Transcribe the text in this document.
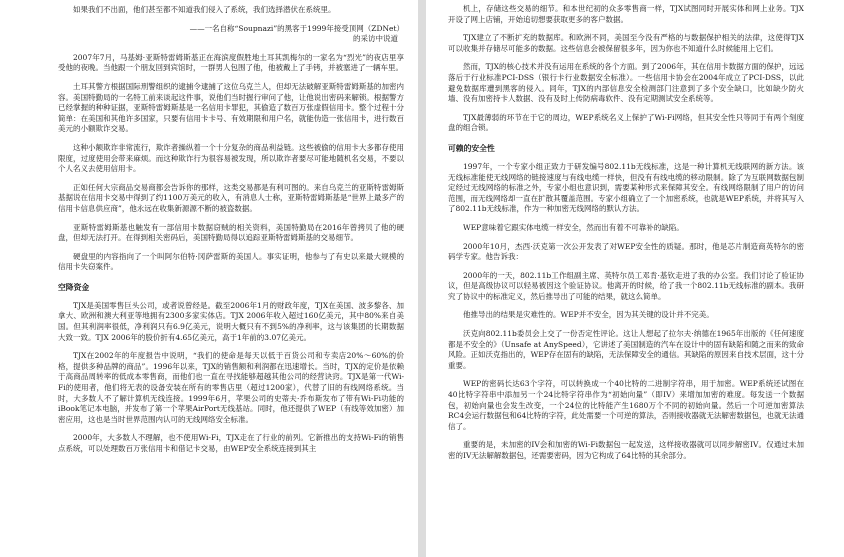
如果我们不出面，他们甚至都不知道我们侵入了系统，我们选择潜伏在系统里。

——一名自称“Soupnazi”的黑客于1999年接受顶网（ZDNet）

的采访中说道

2007年7月，马基姆·亚斯特雷姆斯基正在海滨度假胜地土耳其凯梅尔的一家名为“烈光”的夜店里享受他的夜晚。当他跟一个朋友回到宾馆时，一群男人包围了他，他被戴上了手铐，并被塞进了一辆车里。

土耳其警方根据国际刑警组织的逮捕令逮捕了这位乌克兰人，但却无法破解亚斯特雷姆斯基的加密内容。美国特勤局的一名特工前来谈起这件事，说他们当时握行审问了他，让他说出密码来解锁。根据警方已经掌握的种种证据，亚斯特雷姆斯基是一名信用卡罪犯，其偷造了数百万张虚假信用卡。整个过程十分简单：在美国和其他许多国家，只要有信用卡卡号、有效期限和用户名，就能伪造一张信用卡，进行数百美元的小额欺诈交易。

这种小额欺诈非常流行，欺诈者操纵着一个十分复杂的商品利益链。这些被偷的信用卡大多都存使用限度，过度使用会带来麻烦。而这种欺诈行为很容易被发现，所以欺诈者要尽可能地随机名交易，不要以个人名义去使用信用卡。

正如任何大宗商品交易商都会告诉你的那样，这类交易都是有利可图的。来自乌克兰的亚斯特雷姆斯基据说在信用卡交易中得到了约1100万美元的收入，有消息人士称，亚斯特雷姆斯基是“世界上最多产的信用卡信息供应商”，他永远在收集新源源不断的被盗数据。

亚斯特雷姆斯基也触发有一部信用卡数据窃贼的相关资料，美国特勤局在2016年曾拷贝了他的硬盘，但却无法打开。在得到相关密码后，美国特勤局得以追踪亚斯特雷姆斯基的交易细节。

硬盘里的内容指向了一个叫阿尔伯特·冈萨雷斯的美国人。事实证明，他参与了有史以来最大规模的信用卡失窃案件。

空降资金

TJX是美国零售巨头公司，或者说曾经是。截至2006年1月的财政年度，TJX在美国、波多黎各、加拿大、欧洲和澳大利亚等地拥有2300多家实体店。TJX 2006年收入超过160亿美元，其中80%来自美国。但其利润率很低，净利润只有6.9亿美元，说明大概只有不到5%的净利率，这与该集团的长期数据大致一致。TJX 2006年的股价折有4.65亿美元，高于1年前的3.07亿美元。

TJX在2002年的年度报告中说明，“我们的使命是每天以低于百货公司和专卖店20%～60%的价格，提供多种品牌的商品”。1996年以来，TJX的销售额和利润都在迅速增长。当时，TJX的定价是依赖于高商品周转率的低成本零售商，而他们也一直在寻找能够超越其他公司的经营诀窍。TJX是第一代Wi-Fi的使用者，他们将无表的设备安装在所有的零售店里（超过1200家），代替了旧的有线网络系统。当时，大多数人不了解计算机无线连接。1999年6月，苹果公司的史蒂夫·乔布斯发布了带有Wi-Fi功能的iBook笔记本电脑，并发布了第一个苹果AirPort无线基站。同时，他还提供了WEP（有线等效加密）加密应用，这也是当时世界范围内认可的无线网络安全标准。

2000年，大多数人不理解，也不使用Wi-Fi，TJX走在了行业的前列。它新推出的支持Wi-Fi的销售点系统，可以处理数百万张信用卡和借记卡交易，由WEP安全系统连接到其主

机上，存储这些交易的细节。和本世纪初的众多零售商一样，TJX试图同时开展实体和网上业务。TJX开设了网上店铺，开始追切想要获取更多的客户数据。

TJX建立了不断扩充的数据库。和欧洲不同，美国至今没有严格的与数据保护相关的法律，这使得TJX可以收集并存储尽可能多的数据。这些信息会被保留很多年，因为你也不知道什么时候能用上它们。

然而，TJX的核心技术并没有运用在系统的各个方面。到了2006年，其在信用卡数据方面的保护，远远落后于行业标准PCI-DSS（银行卡行业数据安全标准）。一些信用卡协会在2004年成立了PCI-DSS，以此避免数据库遭到黑客的侵入。同年，TJX的内部信息安全检测部门注意到了多个安全缺口，比如缺少防火墙、没有加密持卡人数据、没有及时上传防病毒软件、没有定期测试安全系统等。

TJX最薄弱的环节在于它的周边，WEP系统名义上保护了Wi-Fi网络，但其安全性只等同于有两个刻度盘的组合锁。

可赖的安全性

1997年，一个专家小组正致力于研发编号802.11b无线标准，这是一种计算机无线联网的新方法。该无线标准能使无线网络的链接速度与有线电缆一样快，但没有有线电缆的移动限制。除了为互联网数据包制定经过无线网络的标准之外，专家小组也意识到，需要某种形式来保障其安全。有线网络限制了用户的访问范围，而无线网络却一直在扩散其覆盖范围。专家小组确立了一个加密系统，也就是WEP系统，并将其写入了802.11b无线标准，作为一种加密无线网络的默认方法。

WEP意味着它跟实体电缆一样安全，然而出有着不可靠补的缺陷。

2000年10月，杰西·沃克第一次公开发表了对WEP安全性的质疑。那时，他是芯片制造商英特尔的密码学专家。他告诉我：

2000年的一天，802.11b工作组副主席、英特尔员工邓肯·基钦走进了我的办公室。我们讨论了验证协议，但是高级协议可以轻易被因这个验证协议。他离开的时候，给了我一个802.11b无线标准的副本。我研究了协议中的标准定义，然后推导出了可能的结果，就这么简单。

他推导出的结果是灾难性的。WEP并不安全，因为其关键的设计并不完美。

沃克向802.11b委员会上交了一份否定性评论。这让人想起了拉尔夫·纳德在1965年出版的《任何速度都是不安全的》（Unsafe at AnySpeed），它讲述了美国制造的汽车在设计中的固有缺陷和随之而来的致命风险。正如沃克指出的，WEP存在固有的缺陷，无法保障安全的通信。其缺陷的原因来自技术层面，这十分重要。

WEP的密码长达63个字符，可以转换成一个40比特的二进制字符串，用于加密。WEP系统还试图在40比特字符串中添加另一个24比特字符串作为“初始向量”（即IV）来增加加密的难度。每发送一个数据包，初始向量也会发生改变，一个24位的比特能产生1680万个不同的初始向量。然后一个可逆加密算法RC4会运行数据包和64比特的字符，此处需要一个可逆的算法，否则接收器就无法解密数据包，也就无法通信了。

重要的是，未加密的IV会和加密的Wi-Fi数据包一起发送，这样接收器就可以同步解密IV。仅通过未加密的IV无法解解数据包，还需要密码，因为它构成了64比特的其余部分。
